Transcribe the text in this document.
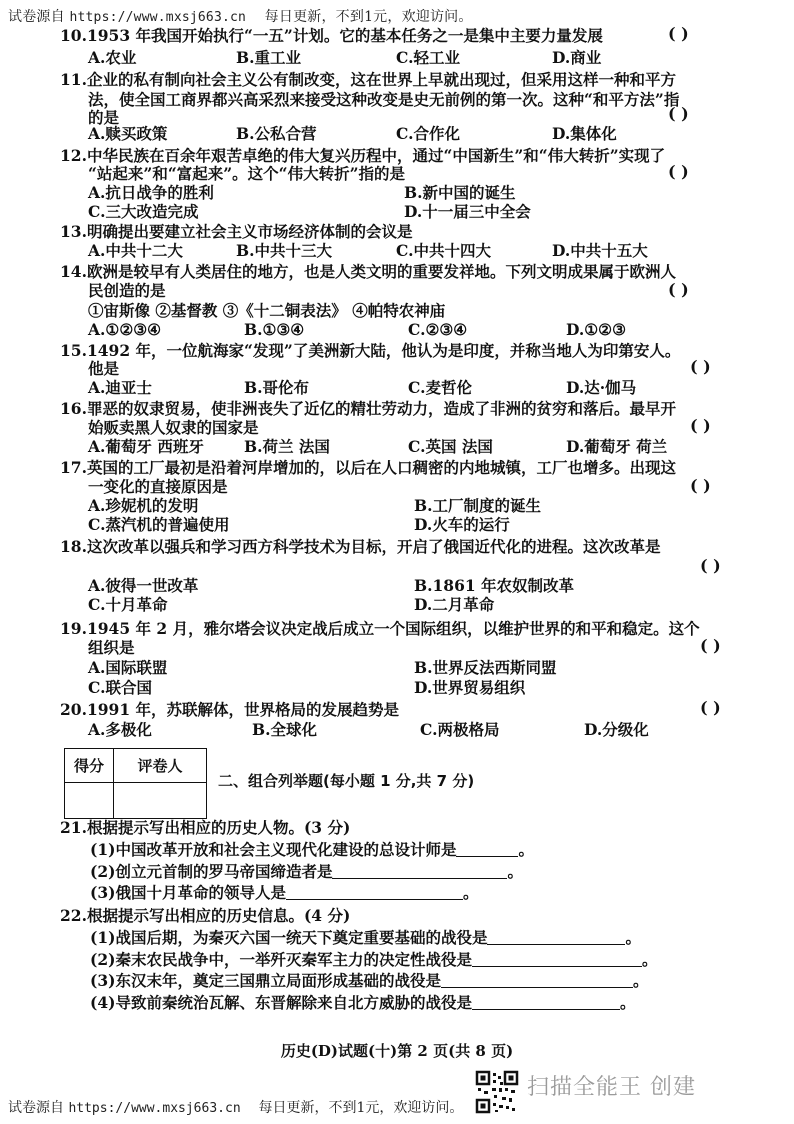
试卷源自 https://www.mxsj663.cn 每日更新，不到1元，欢迎访问。
10.1953 年我国开始执行“一五”计划。它的基本任务之一是集中主要力量发展	( )
A.农业	B.重工业	C.轻工业	D.商业
11.企业的私有制向社会主义公有制改变，这在世界上早就出现过，但采用这样一种和平方
法，使全国工商界都兴高采烈来接受这种改变是史无前例的第一次。这种“和平方法”指
的是	( )
A.赎买政策	B.公私合营	C.合作化	D.集体化
12.中华民族在百余年艰苦卓绝的伟大复兴历程中，通过“中国新生”和“伟大转折”实现了
“站起来”和“富起来”。这个“伟大转折”指的是	( )
A.抗日战争的胜利	B.新中国的诞生
C.三大改造完成	D.十一届三中全会
13.明确提出要建立社会主义市场经济体制的会议是
A.中共十二大	B.中共十三大	C.中共十四大	D.中共十五大
14.欧洲是较早有人类居住的地方，也是人类文明的重要发祥地。下列文明成果属于欧洲人
民创造的是	( )
①宙斯像 ②基督教 ③《十二铜表法》 ④帕特农神庙
A.①②③④	B.①③④	C.②③④	D.①②③
15.1492 年，一位航海家“发现”了美洲新大陆，他认为是印度，并称当地人为印第安人。
他是	( )
A.迪亚士	B.哥伦布	C.麦哲伦	D.达·伽马
16.罪恶的奴隶贸易，使非洲丧失了近亿的精壮劳动力，造成了非洲的贫穷和落后。最早开
始贩卖黑人奴隶的国家是	( )
A.葡萄牙 西班牙	B.荷兰 法国	C.英国 法国	D.葡萄牙 荷兰
17.英国的工厂最初是沿着河岸增加的，以后在人口稠密的内地城镇，工厂也增多。出现这
一变化的直接原因是	( )
A.珍妮机的发明	B.工厂制度的诞生
C.蒸汽机的普遍使用	D.火车的运行
18.这次改革以强兵和学习西方科学技术为目标，开启了俄国近代化的进程。这次改革是
( )
A.彼得一世改革	B.1861 年农奴制改革
C.十月革命	D.二月革命
19.1945 年 2 月，雅尔塔会议决定战后成立一个国际组织，以维护世界的和平和稳定。这个
组织是	( )
A.国际联盟	B.世界反法西斯同盟
C.联合国	D.世界贸易组织
20.1991 年，苏联解体，世界格局的发展趋势是	( )
A.多极化	B.全球化	C.两极格局	D.分级化
得分	评卷人

二、组合列举题(每小题 1 分,共 7 分)
21.根据提示写出相应的历史人物。(3 分)
(1)中国改革开放和社会主义现代化建设的总设计师是	。
(2)创立元首制的罗马帝国缔造者是	。
(3)俄国十月革命的领导人是	。
22.根据提示写出相应的历史信息。(4 分)
(1)战国后期，为秦灭六国一统天下奠定重要基础的战役是	。
(2)秦末农民战争中，一举歼灭秦军主力的决定性战役是	。
(3)东汉末年，奠定三国鼎立局面形成基础的战役是	。
(4)导致前秦统治瓦解、东晋解除来自北方威胁的战役是	。
历史(D)试题(十)第 2 页(共 8 页)
扫描全能王 创建
试卷源自 https://www.mxsj663.cn 每日更新，不到1元，欢迎访问。
